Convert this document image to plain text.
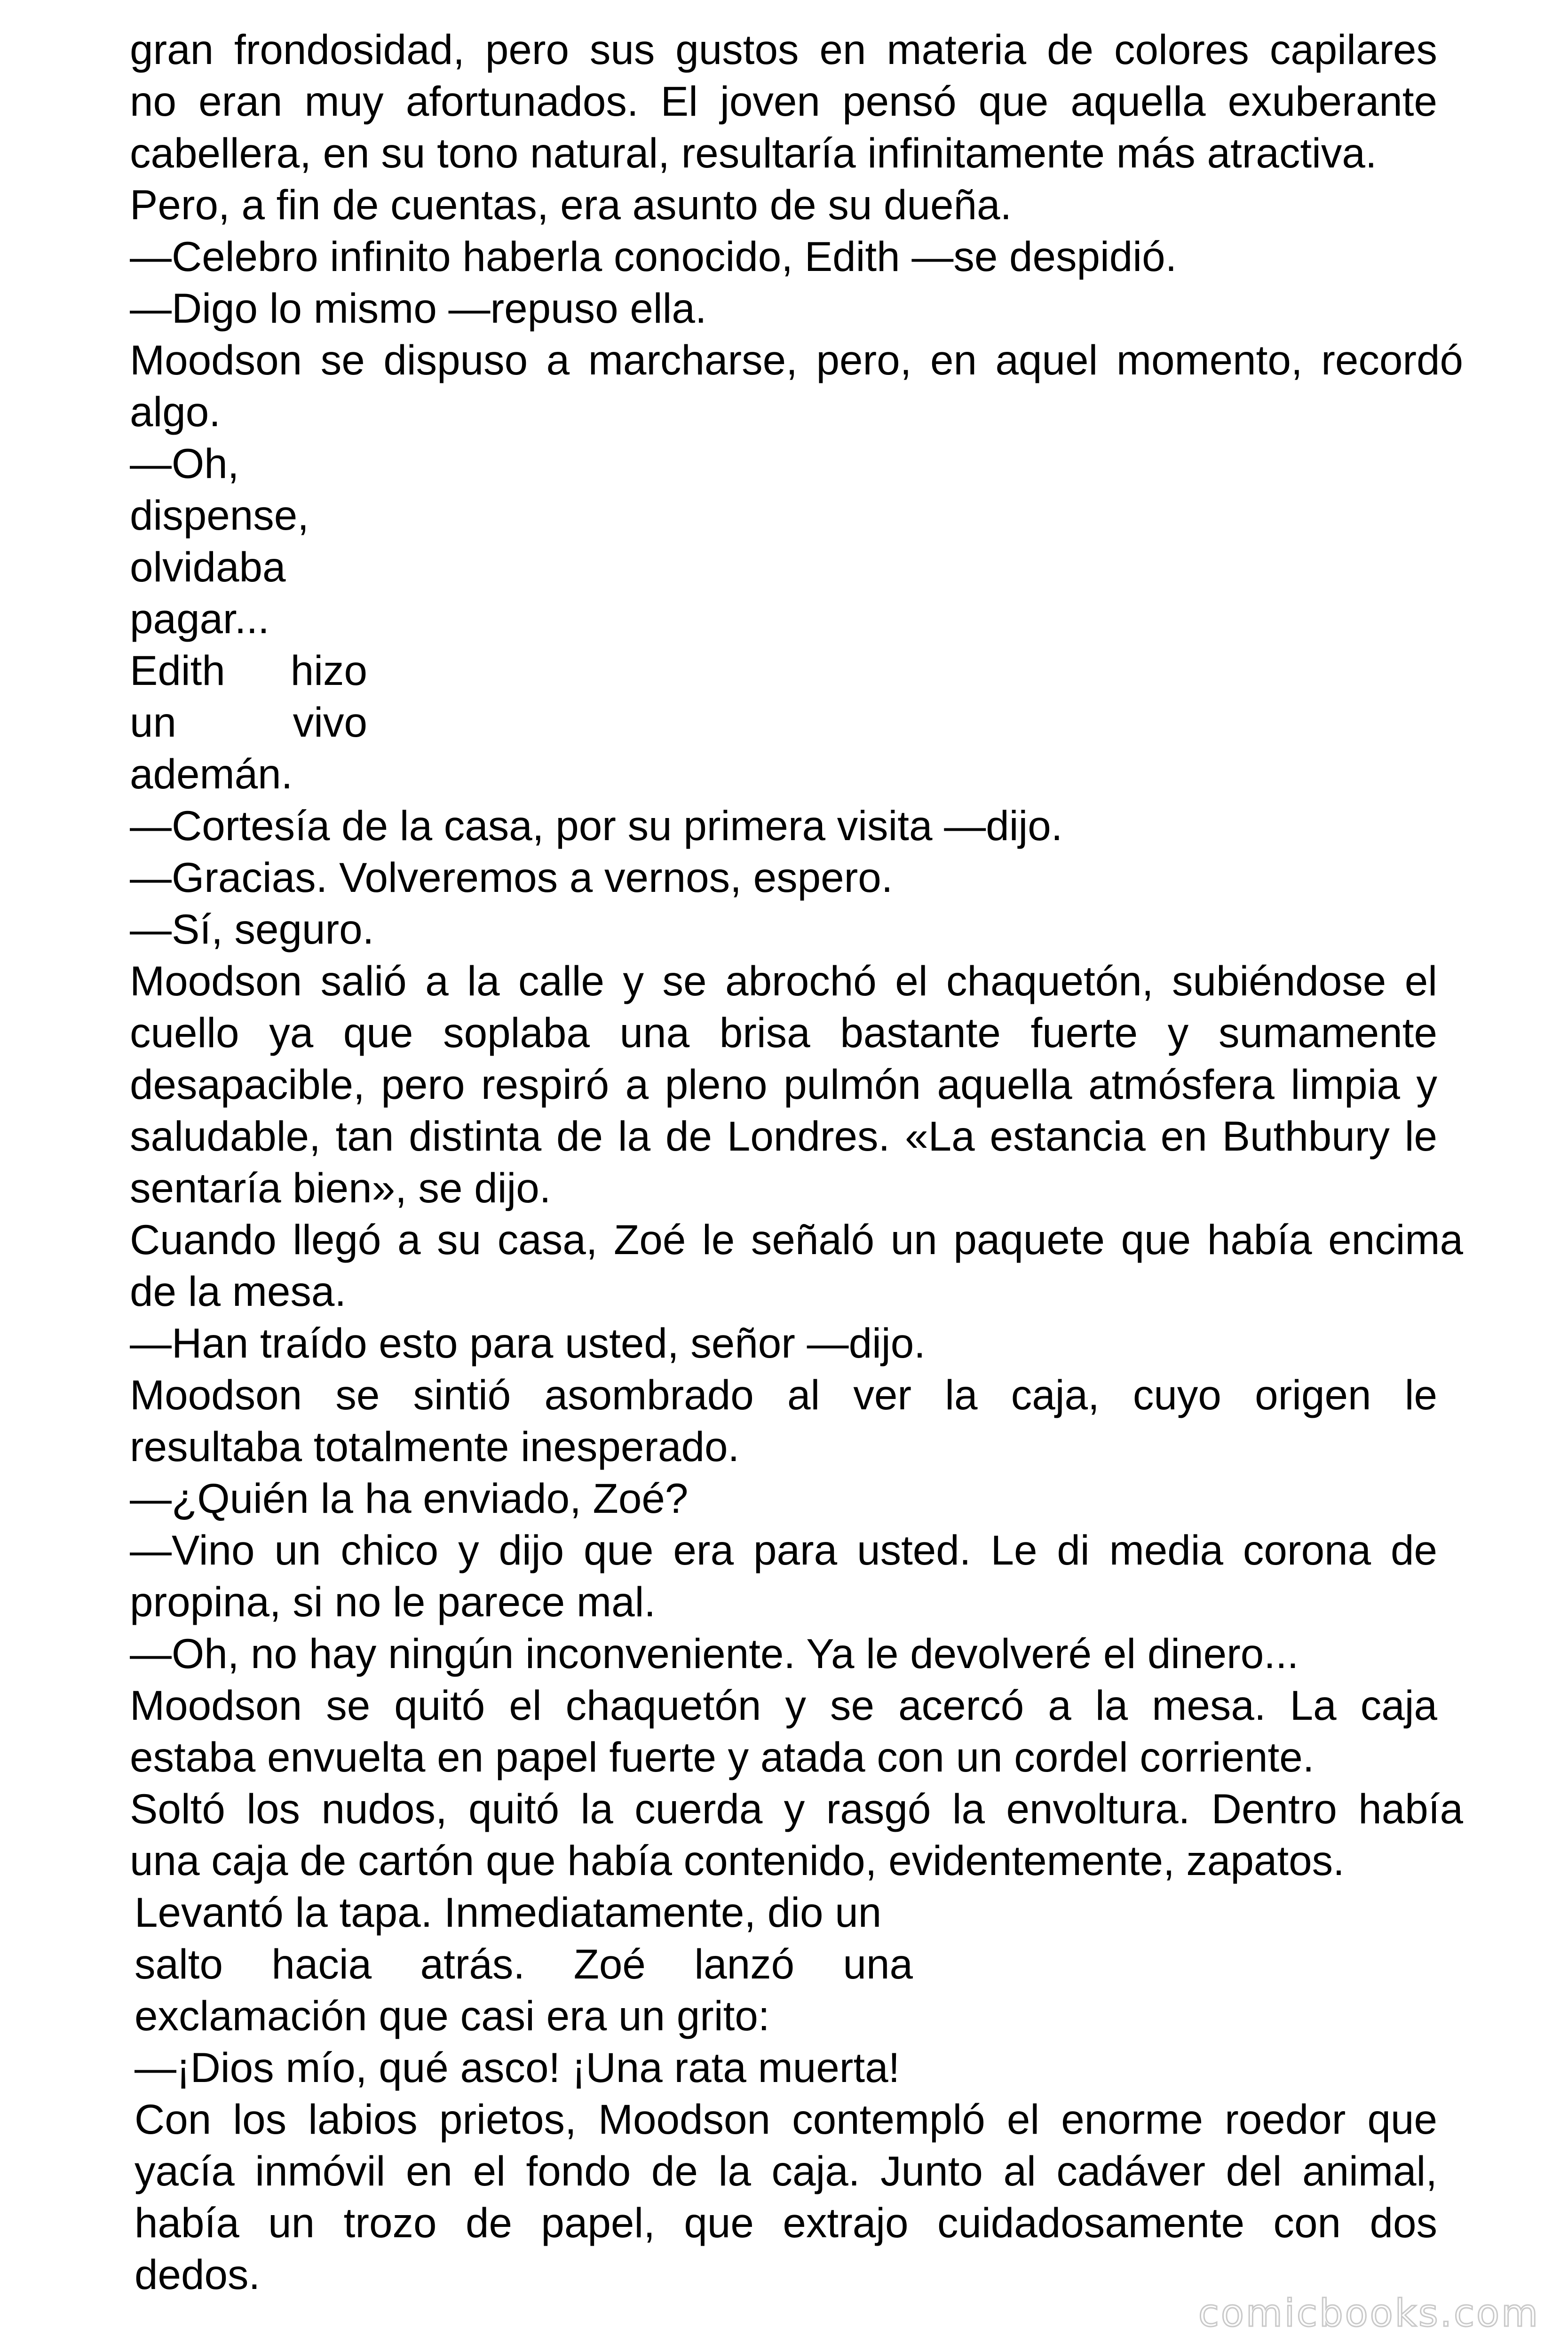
gran frondosidad, pero sus gustos en materia de colores capilares
no eran muy afortunados. El joven pensó que aquella exuberante
cabellera, en su tono natural, resultaría infinitamente más atractiva.
Pero, a fin de cuentas, era asunto de su dueña.
—Celebro infinito haberla conocido, Edith —se despidió.
—Digo lo mismo —repuso ella.
Moodson se dispuso a marcharse, pero, en aquel momento, recordó
algo.
—Oh,
dispense,
olvidaba
pagar...
Edith hizo
un vivo
ademán.
—Cortesía de la casa, por su primera visita —dijo.
—Gracias. Volveremos a vernos, espero.
—Sí, seguro.
Moodson salió a la calle y se abrochó el chaquetón, subiéndose el
cuello ya que soplaba una brisa bastante fuerte y sumamente
desapacible, pero respiró a pleno pulmón aquella atmósfera limpia y
saludable, tan distinta de la de Londres. «La estancia en Buthbury le
sentaría bien», se dijo.
Cuando llegó a su casa, Zoé le señaló un paquete que había encima
de la mesa.
—Han traído esto para usted, señor —dijo.
Moodson se sintió asombrado al ver la caja, cuyo origen le
resultaba totalmente inesperado.
—¿Quién la ha enviado, Zoé?
—Vino un chico y dijo que era para usted. Le di media corona de
propina, si no le parece mal.
—Oh, no hay ningún inconveniente. Ya le devolveré el dinero...
Moodson se quitó el chaquetón y se acercó a la mesa. La caja
estaba envuelta en papel fuerte y atada con un cordel corriente.
Soltó los nudos, quitó la cuerda y rasgó la envoltura. Dentro había
una caja de cartón que había contenido, evidentemente, zapatos.
Levantó la tapa. Inmediatamente, dio un
salto hacia atrás. Zoé lanzó una
exclamación que casi era un grito:
—¡Dios mío, qué asco! ¡Una rata muerta!
Con los labios prietos, Moodson contempló el enorme roedor que
yacía inmóvil en el fondo de la caja. Junto al cadáver del animal,
había un trozo de papel, que extrajo cuidadosamente con dos
dedos.
comicbooks.com
